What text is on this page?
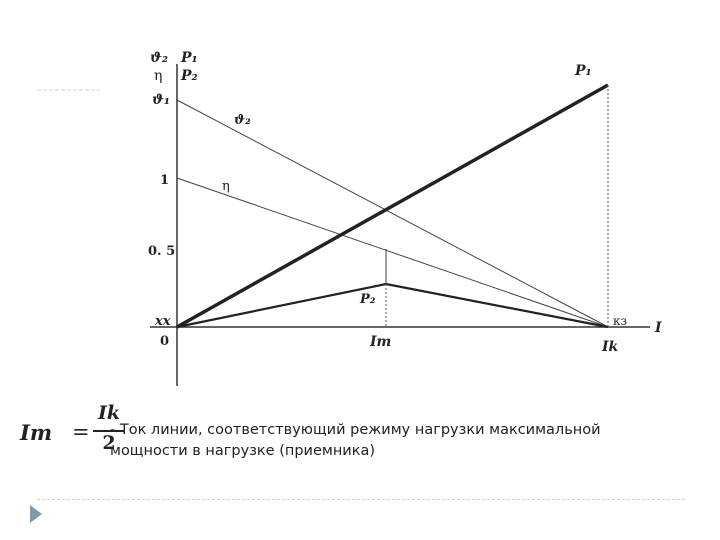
ϑ₂ P₁
η P₂
ϑ₁
1
0. 5
xx
0
I
Im	Ik
кз
ϑ₂
η
P₁
P₂
Im =
Ik
2
- Ток линии, соответствующий режиму нагрузки максимальной мощности в нагрузке (приемника)
